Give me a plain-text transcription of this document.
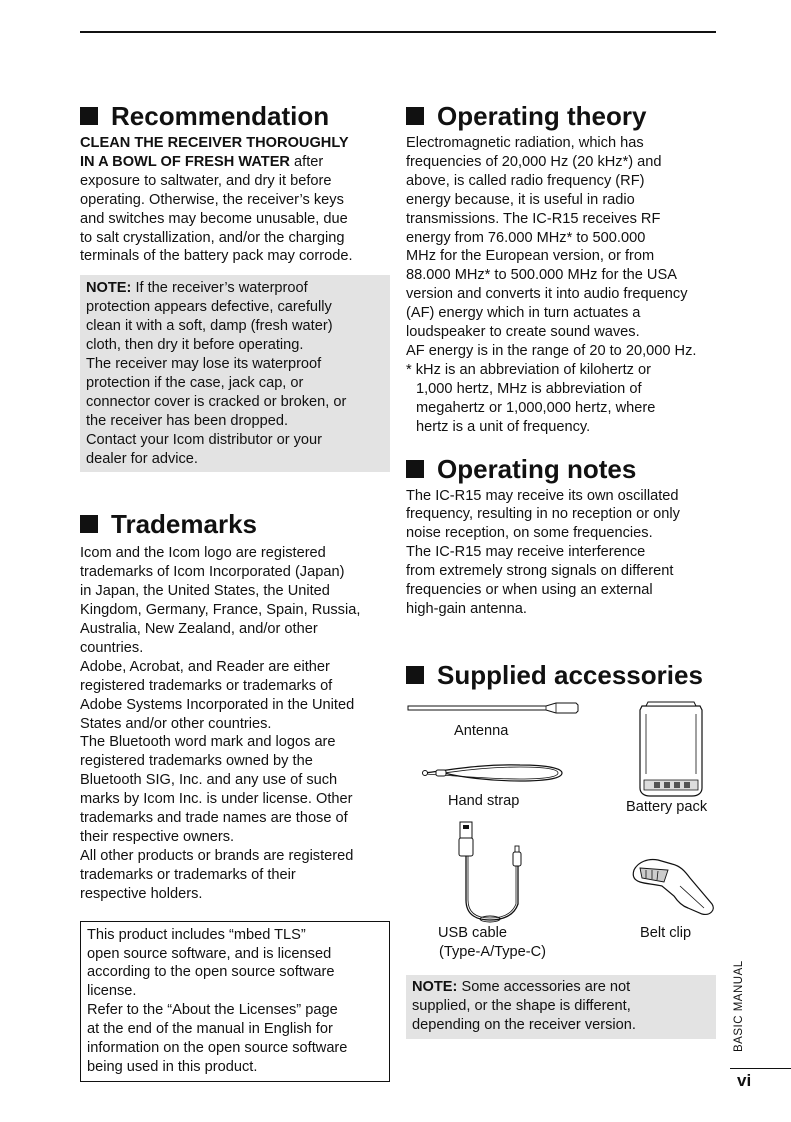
Recommendation
CLEAN THE RECEIVER THOROUGHLY
IN A BOWL OF FRESH WATER after
exposure to saltwater, and dry it before
operating. Otherwise, the receiver’s keys
and switches may become unusable, due
to salt crystallization, and/or the charging
terminals of the battery pack may corrode.
NOTE: If the receiver’s waterproof
protection appears defective, carefully
clean it with a soft, damp (fresh water)
cloth, then dry it before operating.
The receiver may lose its waterproof
protection if the case, jack cap, or
connector cover is cracked or broken, or
the receiver has been dropped.
Contact your Icom distributor or your
dealer for advice.
Trademarks
Icom and the Icom logo are registered
trademarks of Icom Incorporated (Japan)
in Japan, the United States, the United
Kingdom, Germany, France, Spain, Russia,
Australia, New Zealand, and/or other
countries.
Adobe, Acrobat, and Reader are either
registered trademarks or trademarks of
Adobe Systems Incorporated in the United
States and/or other countries.
The Bluetooth word mark and logos are
registered trademarks owned by the
Bluetooth SIG, Inc. and any use of such
marks by Icom Inc. is under license. Other
trademarks and trade names are those of
their respective owners.
All other products or brands are registered
trademarks or trademarks of their
respective holders.
This product includes “mbed TLS”
open source software, and is licensed
according to the open source software
license.
Refer to the “About the Licenses” page
at the end of the manual in English for
information on the open source software
being used in this product.
Operating theory
Electromagnetic radiation, which has
frequencies of 20,000 Hz (20 kHz*) and
above, is called radio frequency (RF)
energy because, it is useful in radio
transmissions. The IC-R15 receives RF
energy from 76.000 MHz* to 500.000
MHz for the European version, or from
88.000 MHz* to 500.000 MHz for the USA
version and converts it into audio frequency
(AF) energy which in turn actuates a
loudspeaker to create sound waves.
AF energy is in the range of 20 to 20,000 Hz.
* kHz is an abbreviation of kilohertz or
1,000 hertz, MHz is abbreviation of
megahertz or 1,000,000 hertz, where
hertz is a unit of frequency.
Operating notes
The IC-R15 may receive its own oscillated
frequency, resulting in no reception or only
noise reception, on some frequencies.
The IC-R15 may receive interference
from extremely strong signals on different
frequencies or when using an external
high-gain antenna.
Supplied accessories
Antenna
Hand strap	Battery pack
USB cable
(Type-A/Type-C)
Belt clip
NOTE: Some accessories are not
supplied, or the shape is different,
depending on the receiver version.	BASIC MANUAL
vi
